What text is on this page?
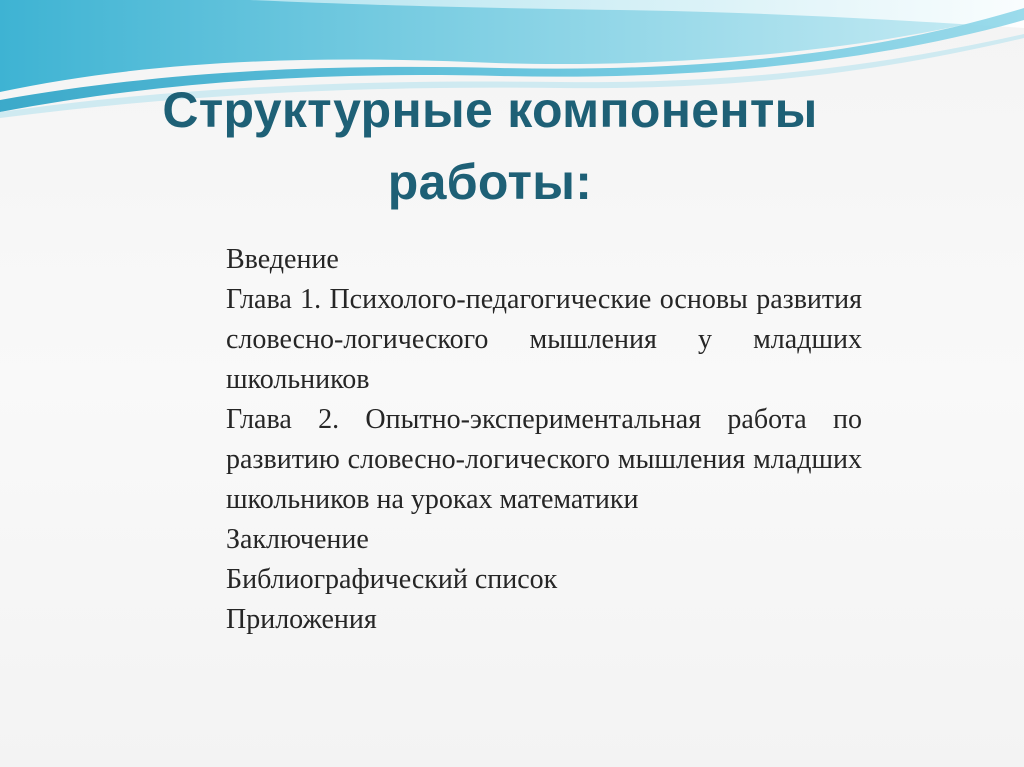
Структурные компоненты работы:
Введение
Глава 1. Психолого-педагогические основы развития словесно-логического мышления у младших школьников
Глава 2. Опытно-экспериментальная работа по развитию словесно-логического мышления младших школьников на уроках математики
Заключение
Библиографический список
Приложения
